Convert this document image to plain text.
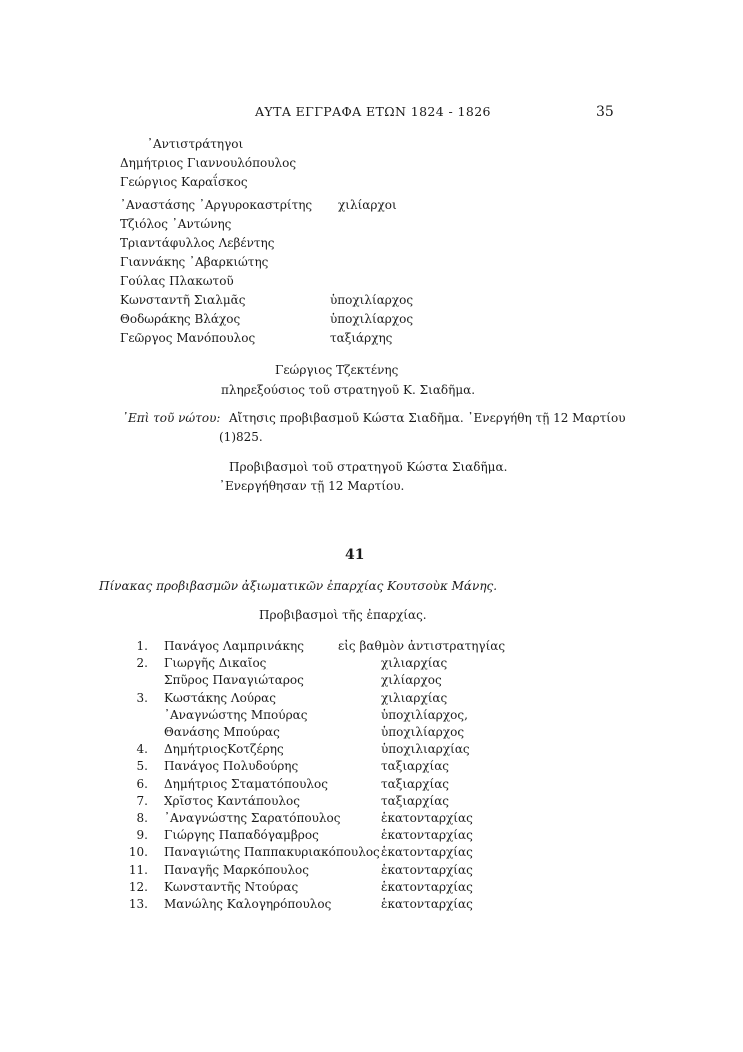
ΑΥΤΑ ΕΓΓΡΑΦΑ ΕΤΩΝ 1824 - 1826	35
᾿Αντιστράτηγοι
Δημήτριος Γιαννουλόπουλος
Γεώργιος Καραΐσκος
᾿Αναστάσης ᾿Αργυροκαστρίτης χιλίαρχοι
Τζιόλος ᾿Αντώνης
Τριαντάφυλλος Λεβέντης
Γιαννάκης ᾿Αβαρκιώτης
Γούλας Πλακωτοῦ
Κωνσταντῆ Σιαλμᾶς	ὑποχιλίαρχος
Θοδωράκης Βλάχος	ὑποχιλίαρχος
Γεῶργος Μανόπουλος	ταξιάρχης
Γεώργιος Τζεκτένης
πληρεξούσιος τοῦ στρατηγοῦ Κ. Σιαδῆμα.
᾿Επὶ τοῦ νώτου: Αἴτησις προβιβασμοῦ Κώστα Σιαδῆμα. ᾿Ενεργήθη τῇ 12 Μαρτίου
(1)825.
Προβιβασμοὶ τοῦ στρατηγοῦ Κώστα Σιαδῆμα.
᾿Ενεργήθησαν τῇ 12 Μαρτίου.
41
Πίνακας προβιβασμῶν ἀξιωματικῶν ἐπαρχίας Κουτσοὺκ Μάνης.
Προβιβασμοὶ τῆς ἐπαρχίας.
1. Πανάγος Λαμπρινάκης	εἰς βαθμὸν ἀντιστρατηγίας
2. Γιωργῆς Δικαῖος	χιλιαρχίας
Σπῦρος Παναγιώταρος	χιλίαρχος
3. Κωστάκης Λούρας	χιλιαρχίας
᾿Αναγνώστης Μπούρας	ὑποχιλίαρχος,
Θανάσης Μπούρας	ὑποχιλίαρχος
4. ΔημήτριοςΚοτζέρης	ὑποχιλιαρχίας
5. Πανάγος Πολυδούρης	ταξιαρχίας
6. Δημήτριος Σταματόπουλος	ταξιαρχίας
7. Χρῖστος Καντάπουλος	ταξιαρχίας
8. ᾿Αναγνώστης Σαρατόπουλος	ἑκατονταρχίας
9. Γιώργης Παπαδόγαμβρος	ἑκατονταρχίας
10. Παναγιώτης Παππακυριακόπουλος ἑκατονταρχίας
11. Παναγῆς Μαρκόπουλος	ἑκατονταρχίας
12. Κωνσταντῆς Ντούρας	ἑκατονταρχίας
13. Μανώλης Καλογηρόπουλος	ἑκατονταρχίας
